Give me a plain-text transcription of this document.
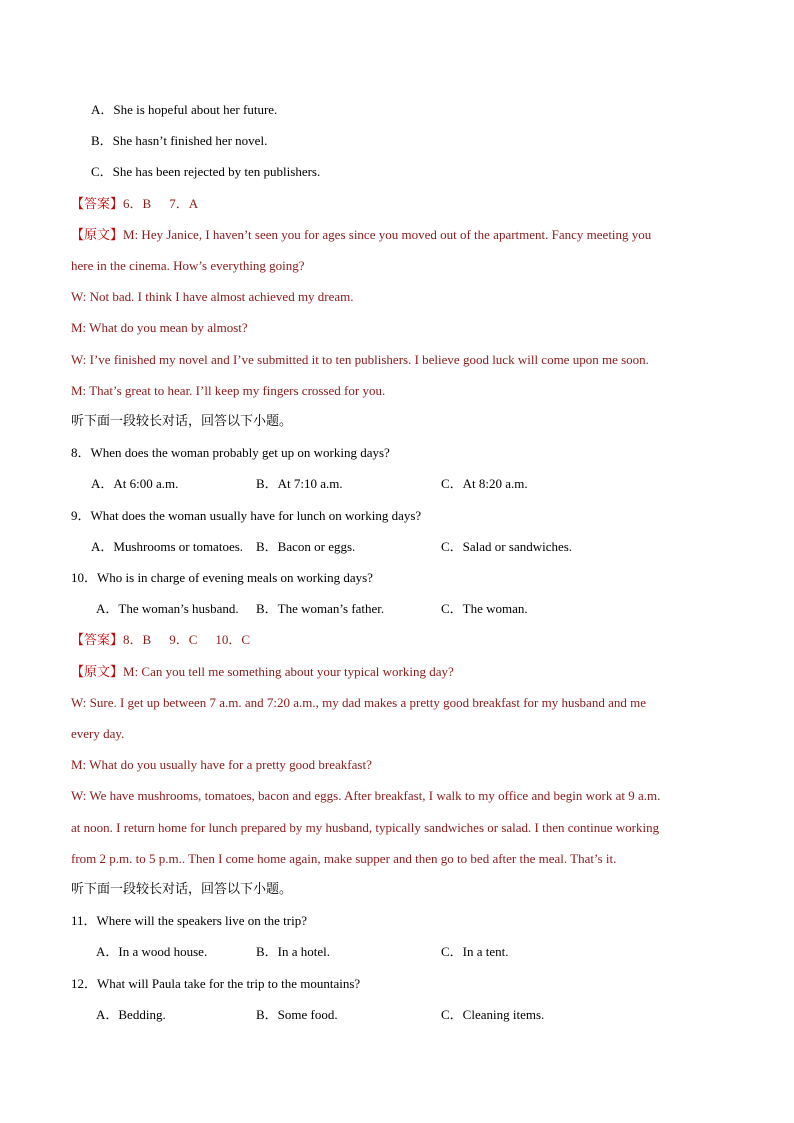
A．She is hopeful about her future.
B．She hasn’t finished her novel.
C．She has been rejected by ten publishers.
【答案】6．B 7．A
【原文】M: Hey Janice, I haven’t seen you for ages since you moved out of the apartment. Fancy meeting you
here in the cinema. How’s everything going?
W: Not bad. I think I have almost achieved my dream.
M: What do you mean by almost?
W: I’ve finished my novel and I’ve submitted it to ten publishers. I believe good luck will come upon me soon.
M: That’s great to hear. I’ll keep my fingers crossed for you.
听下面一段较长对话，回答以下小题。
8．When does the woman probably get up on working days?
A．At 6:00 a.m.	B．At 7:10 a.m.	C．At 8:20 a.m.
9．What does the woman usually have for lunch on working days?
A．Mushrooms or tomatoes. B．Bacon or eggs.	C．Salad or sandwiches.
10．Who is in charge of evening meals on working days?
A．The woman’s husband. B．The woman’s father.	C．The woman.
【答案】8．B 9．C 10．C
【原文】M: Can you tell me something about your typical working day?
W: Sure. I get up between 7 a.m. and 7:20 a.m., my dad makes a pretty good breakfast for my husband and me
every day.
M: What do you usually have for a pretty good breakfast?
W: We have mushrooms, tomatoes, bacon and eggs. After breakfast, I walk to my office and begin work at 9 a.m.
at noon. I return home for lunch prepared by my husband, typically sandwiches or salad. I then continue working
from 2 p.m. to 5 p.m.. Then I come home again, make supper and then go to bed after the meal. That’s it.
听下面一段较长对话，回答以下小题。
11．Where will the speakers live on the trip?
A．In a wood house.	B．In a hotel.	C．In a tent.
12．What will Paula take for the trip to the mountains?
A．Bedding.	B．Some food.	C．Cleaning items.
